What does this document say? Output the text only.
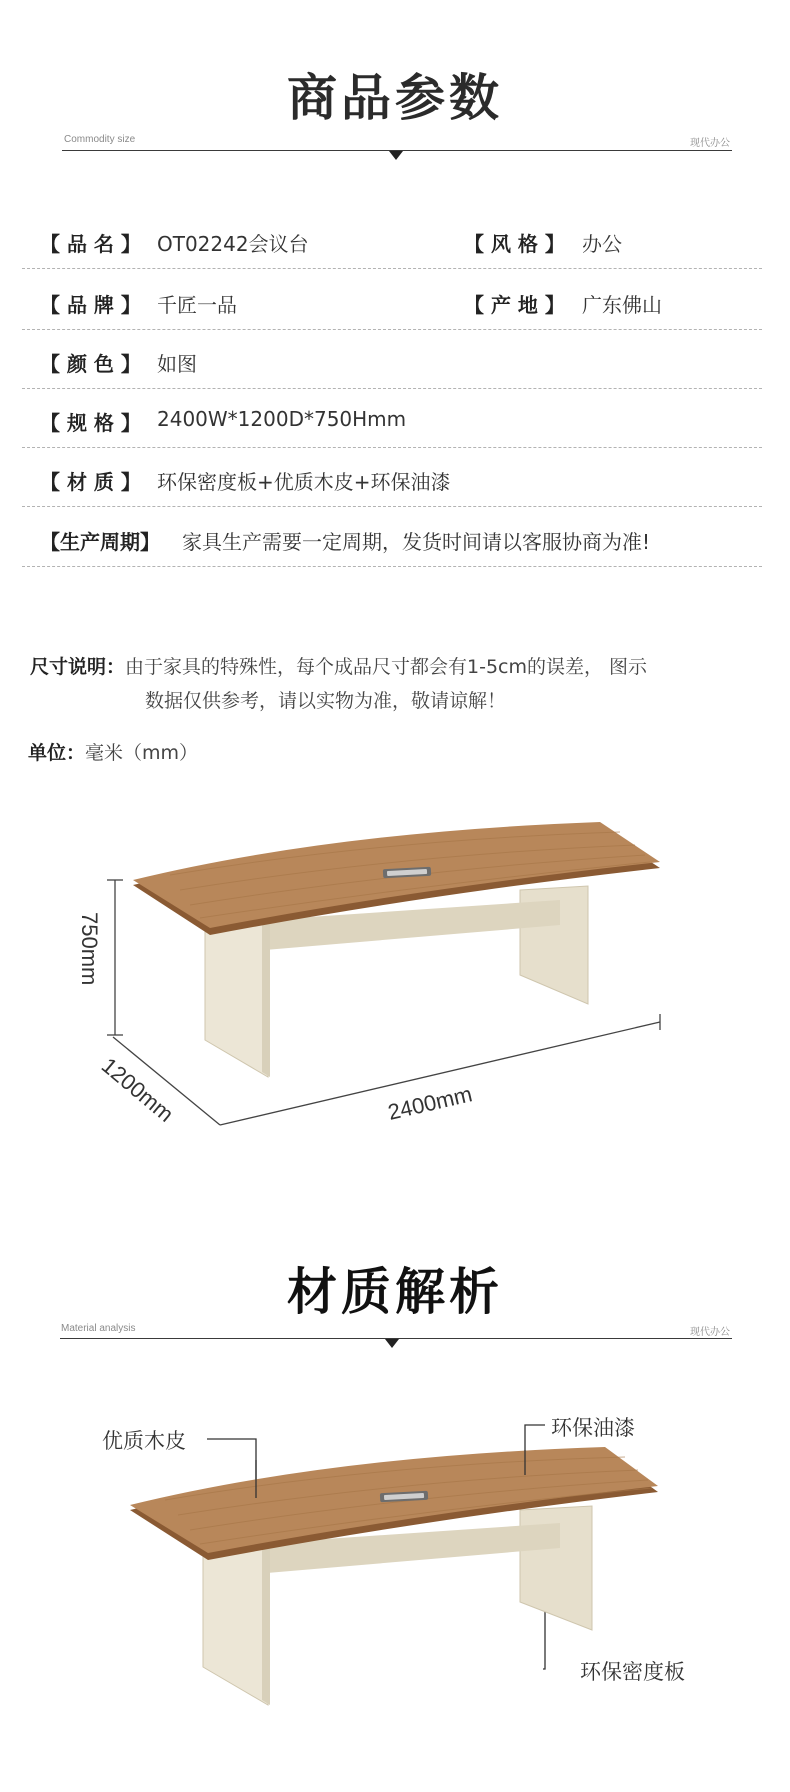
商品参数
Commodity size	现代办公
【 品 名 】 OT02242会议台	【 风 格 】 办公
【 品 牌 】 千匠一品	【 产 地 】 广东佛山
【 颜 色 】 如图
【 规 格 】 2400W*1200D*750Hmm
【 材 质 】 环保密度板+优质木皮+环保油漆
【生产周期】 家具生产需要一定周期，发货时间请以客服协商为准!
尺寸说明：由于家具的特殊性，每个成品尺寸都会有1-5cm的误差， 图示
数据仅供参考，请以实物为准，敬请谅解！
单位：毫米（mm）
750mm
1200mm	2400mm
材质解析
Material analysis	现代办公
优质木皮
环保油漆
环保密度板
